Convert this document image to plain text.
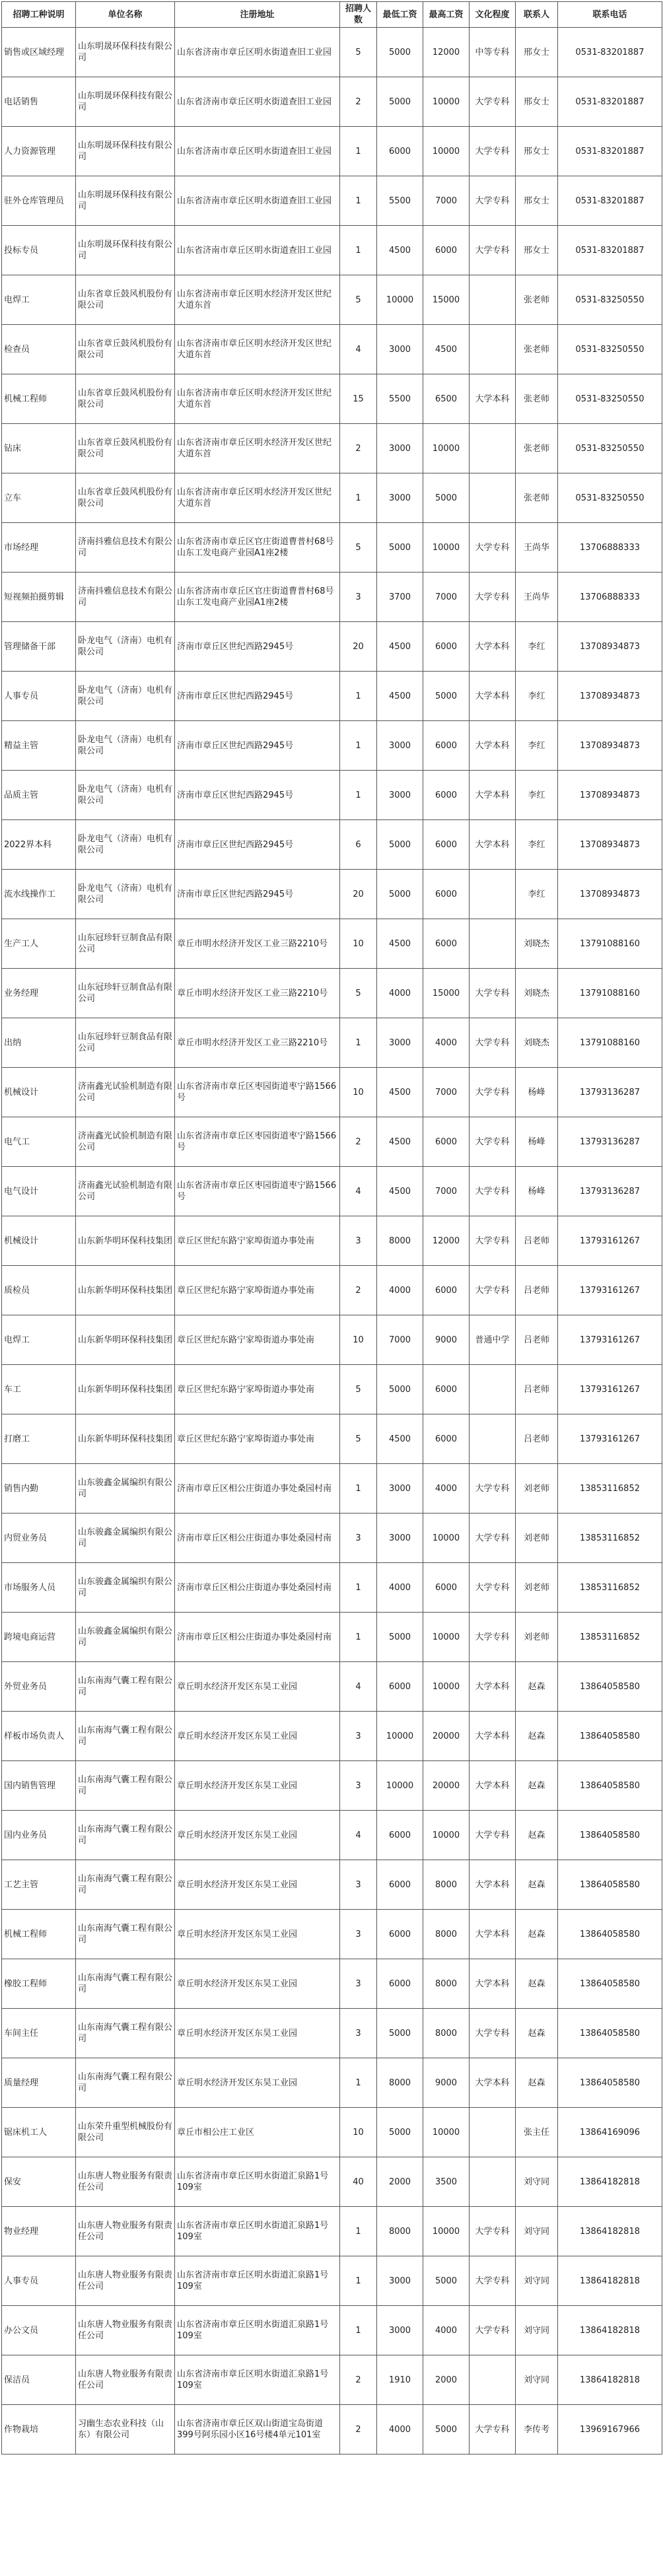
招聘工种说明	单位名称	注册地址	招聘人数	最低工资	最高工资	文化程度	联系人	联系电话
销售或区域经理	山东明晟环保科技有限公司	山东省济南市章丘区明水街道查旧工业园	5	5000	12000	中等专科	邢女士	0531-83201887
电话销售	山东明晟环保科技有限公司	山东省济南市章丘区明水街道查旧工业园	2	5000	10000	大学专科	邢女士	0531-83201887
人力资源管理	山东明晟环保科技有限公司	山东省济南市章丘区明水街道查旧工业园	1	6000	10000	大学专科	邢女士	0531-83201887
驻外仓库管理员	山东明晟环保科技有限公司	山东省济南市章丘区明水街道查旧工业园	1	5500	7000	大学专科	邢女士	0531-83201887
投标专员	山东明晟环保科技有限公司	山东省济南市章丘区明水街道查旧工业园	1	4500	6000	大学专科	邢女士	0531-83201887
电焊工	山东省章丘鼓风机股份有限公司	山东省济南市章丘区明水经济开发区世纪大道东首	5	10000	15000		张老师	0531-83250550
检查员	山东省章丘鼓风机股份有限公司	山东省济南市章丘区明水经济开发区世纪大道东首	4	3000	4500		张老师	0531-83250550
机械工程师	山东省章丘鼓风机股份有限公司	山东省济南市章丘区明水经济开发区世纪大道东首	15	5500	6500	大学本科	张老师	0531-83250550
钻床	山东省章丘鼓风机股份有限公司	山东省济南市章丘区明水经济开发区世纪大道东首	2	3000	10000		张老师	0531-83250550
立车	山东省章丘鼓风机股份有限公司	山东省济南市章丘区明水经济开发区世纪大道东首	1	3000	5000		张老师	0531-83250550
市场经理	济南抖雅信息技术有限公司	山东省济南市章丘区官庄街道曹普村68号山东工发电商产业园A1座2楼	5	5000	10000	大学专科	王尚华	13706888333
短视频拍摄剪辑	济南抖雅信息技术有限公司	山东省济南市章丘区官庄街道曹普村68号山东工发电商产业园A1座2楼	3	3700	7000	大学专科	王尚华	13706888333
管理储备干部	卧龙电气（济南）电机有限公司	济南市章丘区世纪西路2945号	20	4500	6000	大学本科	李红	13708934873
人事专员	卧龙电气（济南）电机有限公司	济南市章丘区世纪西路2945号	1	4500	5000	大学本科	李红	13708934873
精益主管	卧龙电气（济南）电机有限公司	济南市章丘区世纪西路2945号	1	3000	6000	大学本科	李红	13708934873
品质主管	卧龙电气（济南）电机有限公司	济南市章丘区世纪西路2945号	1	3000	6000	大学本科	李红	13708934873
2022界本科	卧龙电气（济南）电机有限公司	济南市章丘区世纪西路2945号	6	5000	6000	大学本科	李红	13708934873
流水线操作工	卧龙电气（济南）电机有限公司	济南市章丘区世纪西路2945号	20	5000	6000		李红	13708934873
生产工人	山东冠珍轩豆制食品有限公司	章丘市明水经济开发区工业三路2210号	10	4500	6000		刘晓杰	13791088160
业务经理	山东冠珍轩豆制食品有限公司	章丘市明水经济开发区工业三路2210号	5	4000	15000	大学专科	刘晓杰	13791088160
出纳	山东冠珍轩豆制食品有限公司	章丘市明水经济开发区工业三路2210号	1	3000	4000	大学专科	刘晓杰	13791088160
机械设计	济南鑫光试验机制造有限公司	山东省济南市章丘区枣园街道枣宁路1566号	10	4500	7000	大学专科	杨峰	13793136287
电气工	济南鑫光试验机制造有限公司	山东省济南市章丘区枣园街道枣宁路1566号	2	4500	6000	大学专科	杨峰	13793136287
电气设计	济南鑫光试验机制造有限公司	山东省济南市章丘区枣园街道枣宁路1566号	4	4500	7000	大学专科	杨峰	13793136287
机械设计	山东新华明环保科技集团	章丘区世纪东路宁家埠街道办事处南	3	8000	12000	大学专科	吕老师	13793161267
质检员	山东新华明环保科技集团	章丘区世纪东路宁家埠街道办事处南	2	4000	6000	大学专科	吕老师	13793161267
电焊工	山东新华明环保科技集团	章丘区世纪东路宁家埠街道办事处南	10	7000	9000	普通中学	吕老师	13793161267
车工	山东新华明环保科技集团	章丘区世纪东路宁家埠街道办事处南	5	5000	6000		吕老师	13793161267
打磨工	山东新华明环保科技集团	章丘区世纪东路宁家埠街道办事处南	5	4500	6000		吕老师	13793161267
销售内勤	山东骏鑫金属编织有限公司	济南市章丘区相公庄街道办事处桑园村南	1	3000	4000	大学专科	刘老师	13853116852
内贸业务员	山东骏鑫金属编织有限公司	济南市章丘区相公庄街道办事处桑园村南	3	3000	10000	大学专科	刘老师	13853116852
市场服务人员	山东骏鑫金属编织有限公司	济南市章丘区相公庄街道办事处桑园村南	1	4000	6000	大学专科	刘老师	13853116852
跨境电商运营	山东骏鑫金属编织有限公司	济南市章丘区相公庄街道办事处桑园村南	1	5000	10000	大学专科	刘老师	13853116852
外贸业务员	山东南海气囊工程有限公司	章丘明水经济开发区东昊工业园	4	6000	10000	大学本科	赵森	13864058580
样板市场负责人	山东南海气囊工程有限公司	章丘明水经济开发区东昊工业园	3	10000	20000	大学本科	赵森	13864058580
国内销售管理	山东南海气囊工程有限公司	章丘明水经济开发区东昊工业园	3	10000	20000	大学本科	赵森	13864058580
国内业务员	山东南海气囊工程有限公司	章丘明水经济开发区东昊工业园	4	6000	10000	大学专科	赵森	13864058580
工艺主管	山东南海气囊工程有限公司	章丘明水经济开发区东昊工业园	3	6000	8000	大学本科	赵森	13864058580
机械工程师	山东南海气囊工程有限公司	章丘明水经济开发区东昊工业园	3	6000	8000	大学本科	赵森	13864058580
橡胶工程师	山东南海气囊工程有限公司	章丘明水经济开发区东昊工业园	3	6000	8000	大学本科	赵森	13864058580
车间主任	山东南海气囊工程有限公司	章丘明水经济开发区东昊工业园	3	5000	8000	大学专科	赵森	13864058580
质量经理	山东南海气囊工程有限公司	章丘明水经济开发区东昊工业园	1	8000	9000	大学本科	赵森	13864058580
锯床机工人	山东荣升重型机械股份有限公司	章丘市相公庄工业区	10	5000	10000		张主任	13864169096
保安	山东唐人物业服务有限责任公司	山东省济南市章丘区明水街道汇泉路1号109室	40	2000	3500		刘守同	13864182818
物业经理	山东唐人物业服务有限责任公司	山东省济南市章丘区明水街道汇泉路1号109室	1	8000	10000	大学专科	刘守同	13864182818
人事专员	山东唐人物业服务有限责任公司	山东省济南市章丘区明水街道汇泉路1号109室	1	3000	5000	大学专科	刘守同	13864182818
办公文员	山东唐人物业服务有限责任公司	山东省济南市章丘区明水街道汇泉路1号109室	1	3000	4000	大学专科	刘守同	13864182818
保洁员	山东唐人物业服务有限责任公司	山东省济南市章丘区明水街道汇泉路1号109室	2	1910	2000		刘守同	13864182818
作物栽培	习幽生态农业科技（山东）有限公司	山东省济南市章丘区双山街道宝岛街道399号阿乐园小区16号楼4单元101室	2	4000	5000	大学专科	李传考	13969167966
